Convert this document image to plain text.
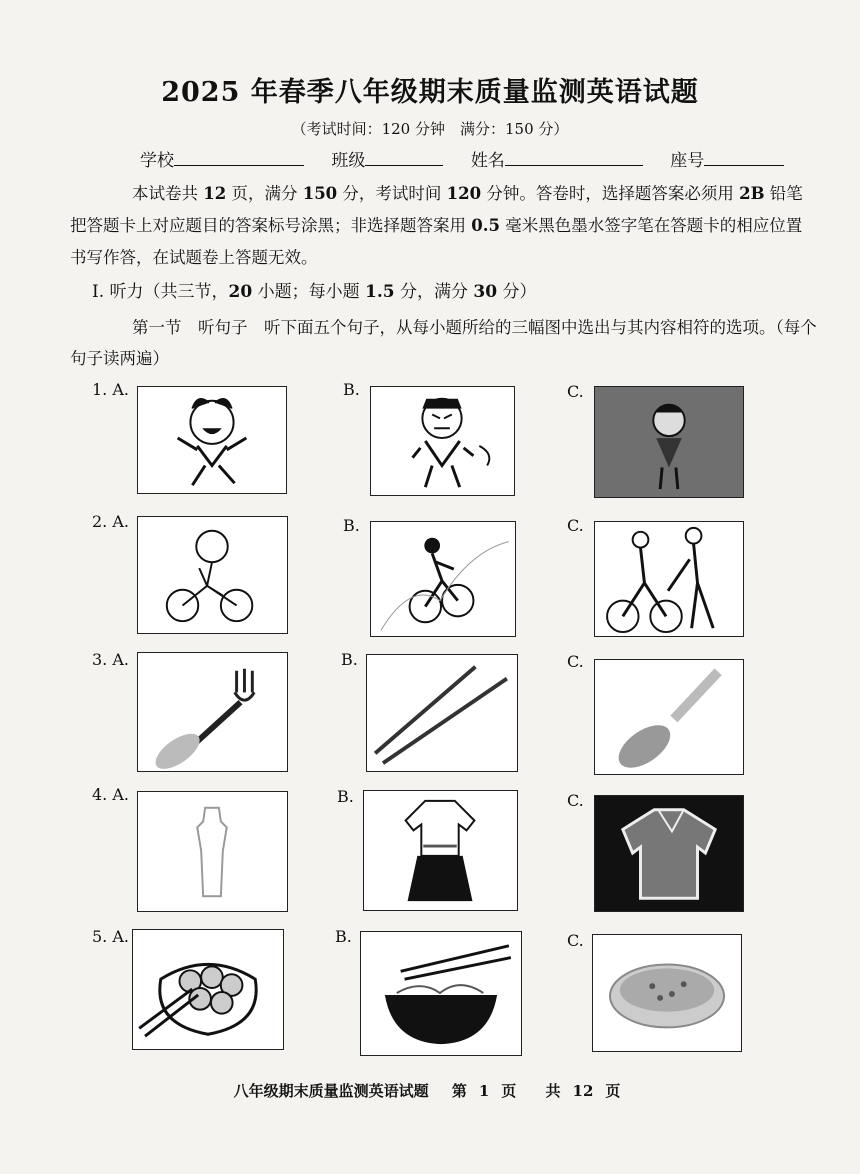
2025 年春季八年级期末质量监测英语试题
（考试时间：120 分钟　满分：150 分）
学校	班级	姓名	座号
本试卷共 12 页，满分 150 分，考试时间 120 分钟。答卷时，选择题答案必须用 2B 铅笔把答题卡上对应题目的答案标号涂黑；非选择题答案用 0.5 毫米黑色墨水签字笔在答题卡的相应位置书写作答，在试题卷上答题无效。
Ⅰ. 听力（共三节，20 小题；每小题 1.5 分，满分 30 分）
第一节　听句子　听下面五个句子，从每小题所给的三幅图中选出与其内容相符的选项。（每个句子读两遍）
1. A.	B.	C.
2. A.	B.	C.
3. A.	B.	C.
4. A.	B.	C.
5. A.	B.	C.
八年级期末质量监测英语试题 第 1 页 共 12 页
